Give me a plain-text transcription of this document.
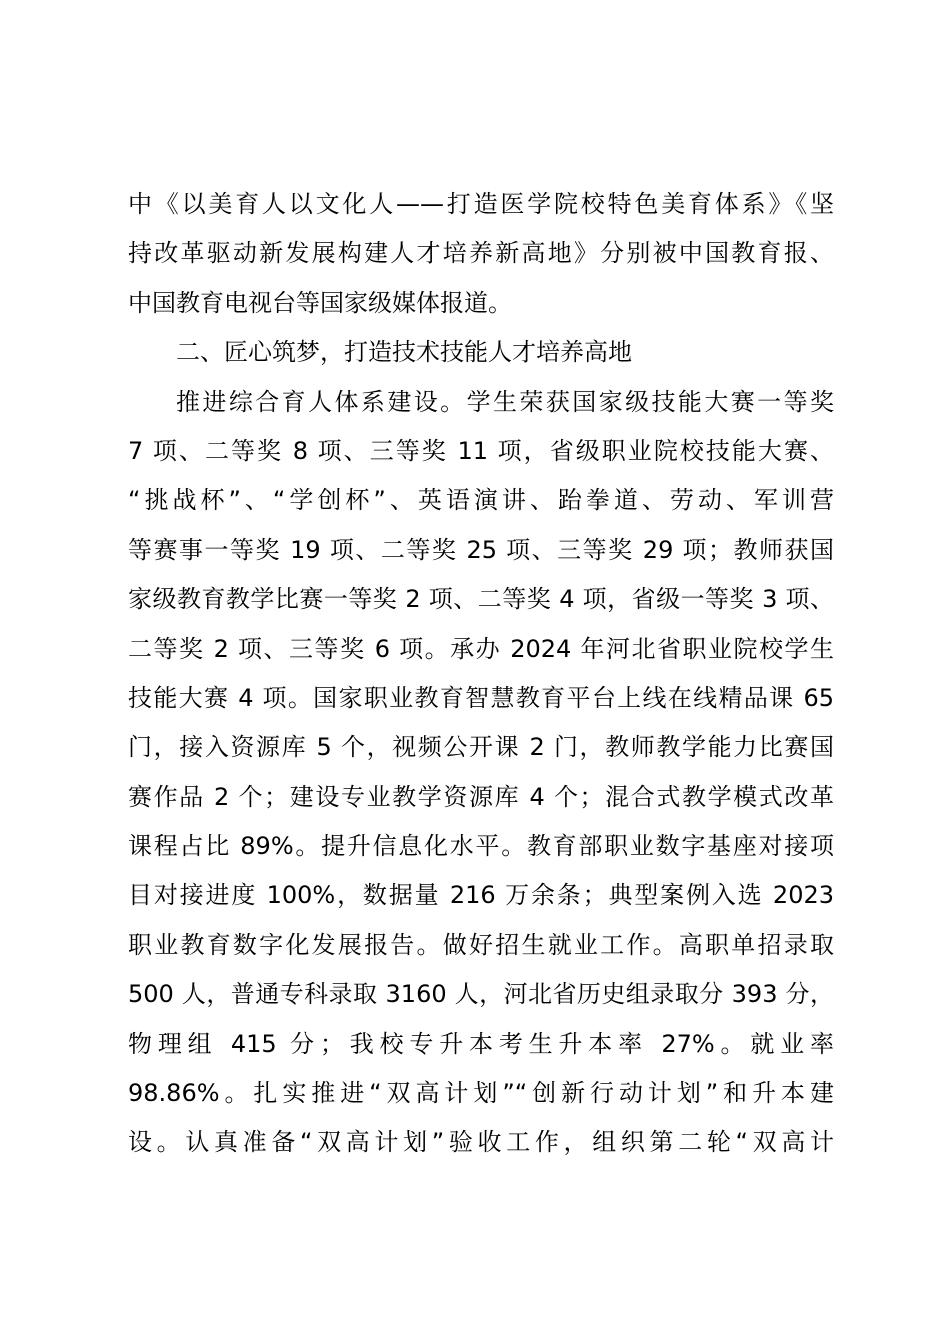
中《以美育人以文化人——打造医学院校特色美育体系》《坚
持改革驱动新发展构建人才培养新高地》分别被中国教育报、
中国教育电视台等国家级媒体报道。
二、匠心筑梦，打造技术技能人才培养高地
推进综合育人体系建设。学生荣获国家级技能大赛一等奖
7 项、二等奖 8 项、三等奖 11 项，省级职业院校技能大赛、
“挑战杯”、“学创杯”、英语演讲、跆拳道、劳动、军训营
等赛事一等奖 19 项、二等奖 25 项、三等奖 29 项；教师获国
家级教育教学比赛一等奖 2 项、二等奖 4 项，省级一等奖 3 项、
二等奖 2 项、三等奖 6 项。承办 2024 年河北省职业院校学生
技能大赛 4 项。国家职业教育智慧教育平台上线在线精品课 65
门，接入资源库 5 个，视频公开课 2 门，教师教学能力比赛国
赛作品 2 个；建设专业教学资源库 4 个；混合式教学模式改革
课程占比 89%。提升信息化水平。教育部职业数字基座对接项
目对接进度 100%，数据量 216 万余条；典型案例入选 2023
职业教育数字化发展报告。做好招生就业工作。高职单招录取
500 人，普通专科录取 3160 人，河北省历史组录取分 393 分，
物理组 415 分；我校专升本考生升本率 27%。就业率
98.86%。扎实推进“双高计划”“创新行动计划”和升本建
设。认真准备“双高计划”验收工作，组织第二轮“双高计
